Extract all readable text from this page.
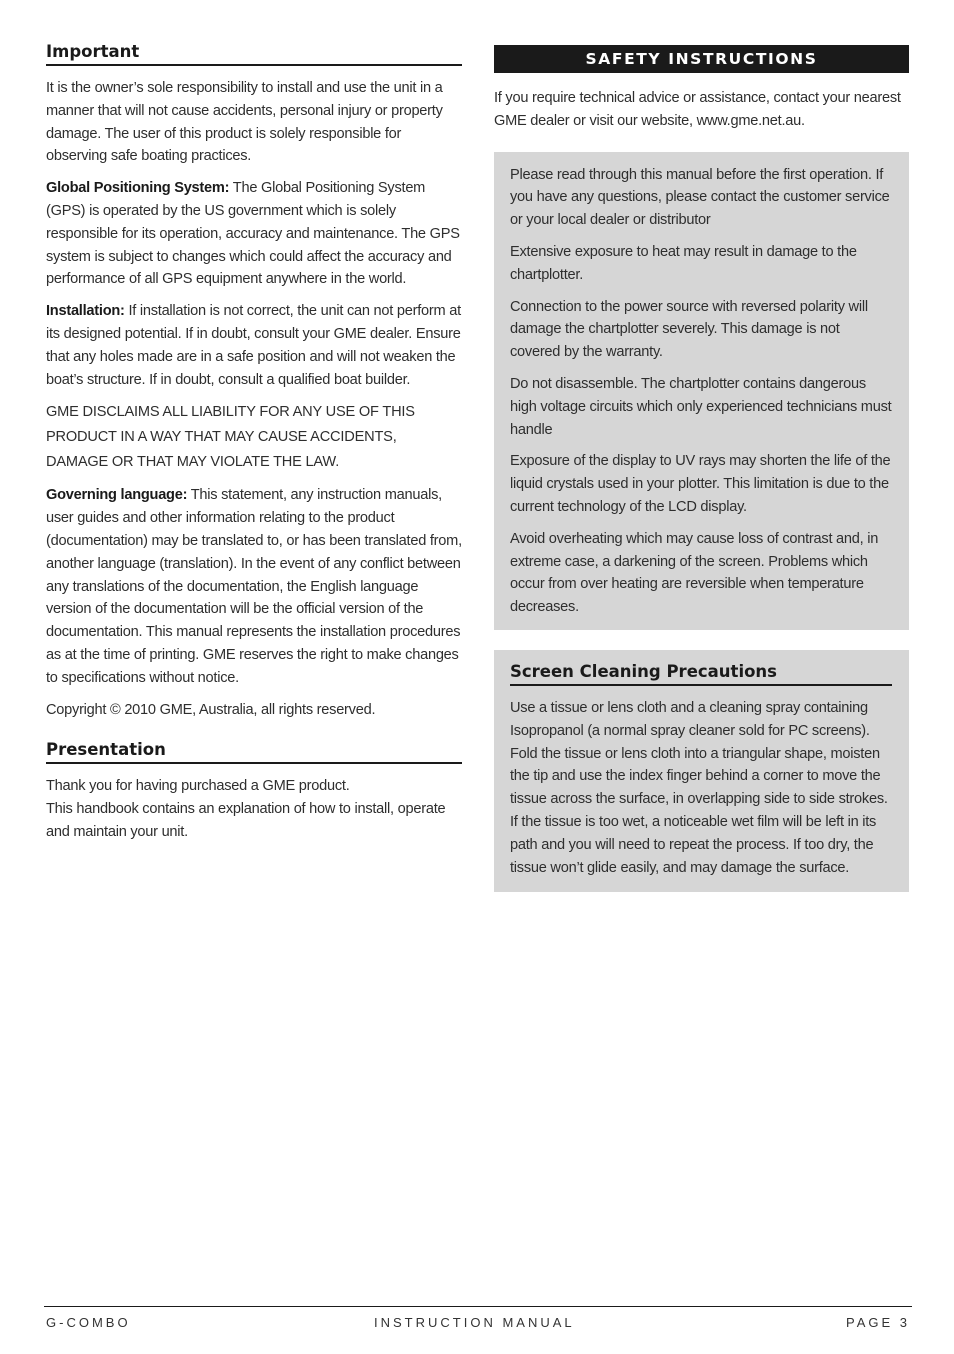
Important

It is the owner’s sole responsibility to install and use the unit in a manner that will not cause accidents, personal injury or property damage. The user of this product is solely responsible for observing safe boating practices.

Global Positioning System: The Global Positioning System (GPS) is operated by the US government which is solely responsible for its operation, accuracy and maintenance. The GPS system is subject to changes which could affect the accuracy and performance of all GPS equipment anywhere in the world.

Installation: If installation is not correct, the unit can not perform at its designed potential. If in doubt, consult your GME dealer. Ensure that any holes made are in a safe position and will not weaken the boat’s structure. If in doubt, consult a qualified boat builder.

GME DISCLAIMS ALL LIABILITY FOR ANY USE OF THIS PRODUCT IN A WAY THAT MAY CAUSE ACCIDENTS, DAMAGE OR THAT MAY VIOLATE THE LAW.

Governing language: This statement, any instruction manuals, user guides and other information relating to the product (documentation) may be translated to, or has been translated from, another language (translation). In the event of any conflict between any translations of the documentation, the English language version of the documentation will be the official version of the documentation. This manual represents the installation procedures as at the time of printing. GME reserves the right to make changes to specifications without notice.

Copyright © 2010 GME, Australia, all rights reserved.

Presentation

Thank you for having purchased a GME product.
This handbook contains an explanation of how to install, operate and maintain your unit.

SAFETY INSTRUCTIONS

If you require technical advice or assistance, contact your nearest GME dealer or visit our website, www.gme.net.au.

Please read through this manual before the first operation. If you have any questions, please contact the customer service or your local dealer or distributor

Extensive exposure to heat may result in damage to the chartplotter.

Connection to the power source with reversed polarity will damage the chartplotter severely. This damage is not covered by the warranty.

Do not disassemble. The chartplotter contains dangerous high voltage circuits which only experienced technicians must handle

Exposure of the display to UV rays may shorten the life of the liquid crystals used in your plotter. This limitation is due to the current technology of the LCD display.

Avoid overheating which may cause loss of contrast and, in extreme case, a darkening of the screen. Problems which occur from over heating are reversible when temperature decreases.

Screen Cleaning Precautions

Use a tissue or lens cloth and a cleaning spray containing Isopropanol (a normal spray cleaner sold for PC screens). Fold the tissue or lens cloth into a triangular shape, moisten the tip and use the index finger behind a corner to move the tissue across the surface, in overlapping side to side strokes. If the tissue is too wet, a noticeable wet film will be left in its path and you will need to repeat the process. If too dry, the tissue won’t glide easily, and may damage the surface.

G-COMBO	INSTRUCTION MANUAL	PAGE 3
